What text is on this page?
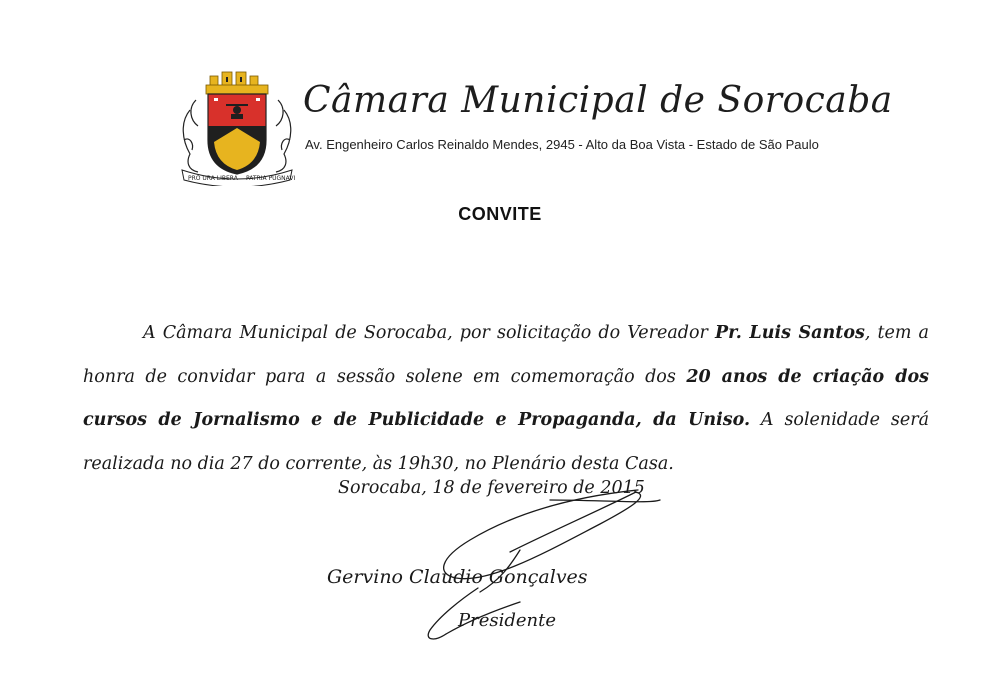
PRO URA LIBERA PATRIA PUGNAVI
Câmara Municipal de Sorocaba

Av. Engenheiro Carlos Reinaldo Mendes, 2945 - Alto da Boa Vista - Estado de São Paulo

CONVITE

A Câmara Municipal de Sorocaba, por solicitação do Vereador Pr. Luis Santos, tem a honra de convidar para a sessão solene em comemoração dos 20 anos de criação dos cursos de Jornalismo e de Publicidade e Propaganda, da Uniso. A solenidade será realizada no dia 27 do corrente, às 19h30, no Plenário desta Casa.

Sorocaba, 18 de fevereiro de 2015

Gervino Claudio Gonçalves

Presidente
